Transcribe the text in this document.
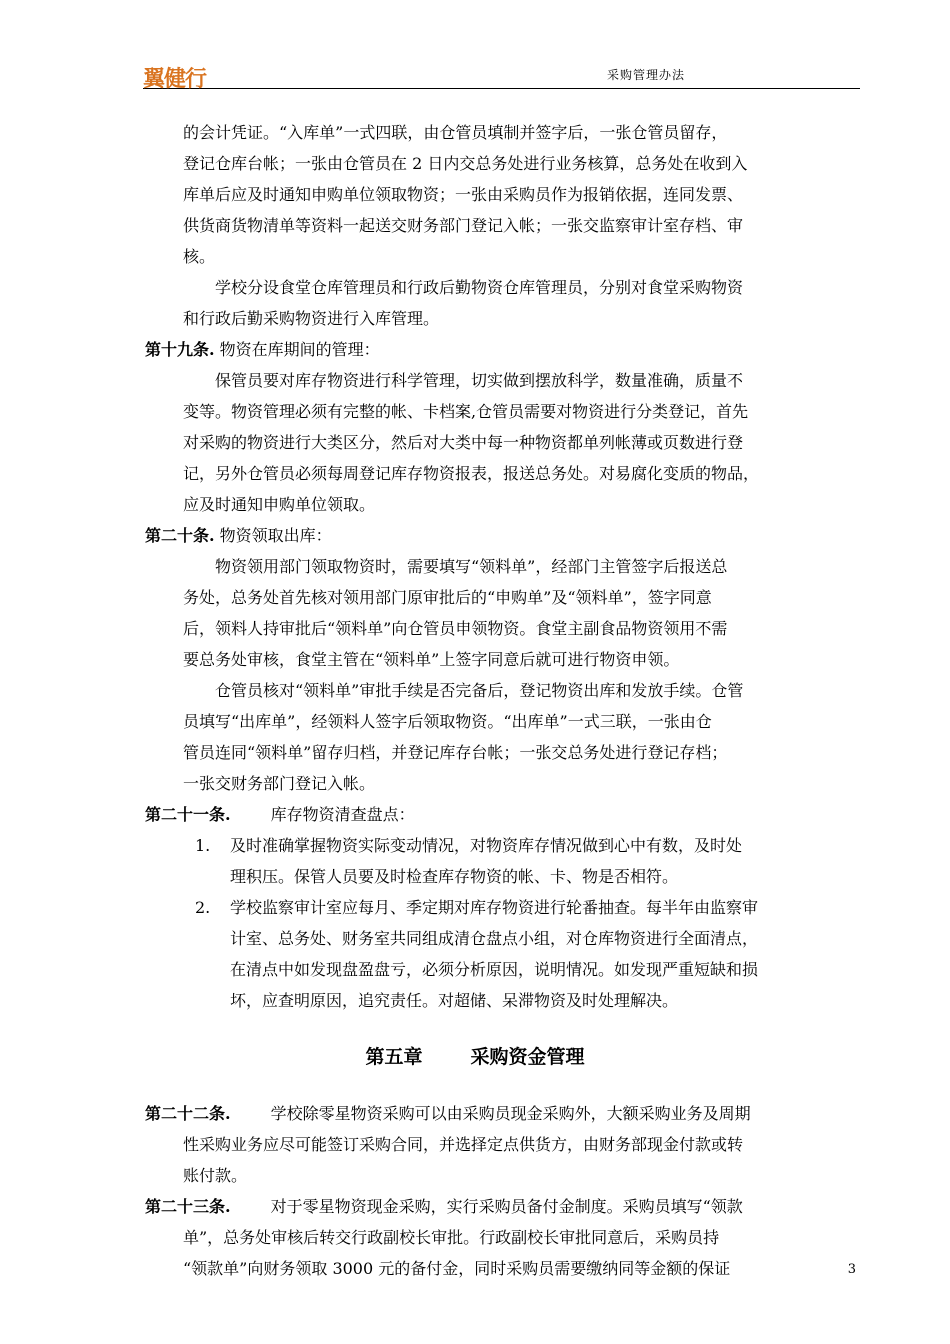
翼健行	采购管理办法
的会计凭证。“入库单”一式四联，由仓管员填制并签字后，一张仓管员留存，
登记仓库台帐；一张由仓管员在 2 日内交总务处进行业务核算，总务处在收到入
库单后应及时通知申购单位领取物资；一张由采购员作为报销依据，连同发票、
供货商货物清单等资料一起送交财务部门登记入帐；一张交监察审计室存档、审
核。
学校分设食堂仓库管理员和行政后勤物资仓库管理员，分别对食堂采购物资
和行政后勤采购物资进行入库管理。
第十九条. 物资在库期间的管理：
保管员要对库存物资进行科学管理，切实做到摆放科学，数量准确，质量不
变等。物资管理必须有完整的帐、卡档案,仓管员需要对物资进行分类登记，首先
对采购的物资进行大类区分，然后对大类中每一种物资都单列帐薄或页数进行登
记，另外仓管员必须每周登记库存物资报表，报送总务处。对易腐化变质的物品，
应及时通知申购单位领取。
第二十条. 物资领取出库：
物资领用部门领取物资时，需要填写“领料单”，经部门主管签字后报送总
务处，总务处首先核对领用部门原审批后的“申购单”及“领料单”，签字同意
后，领料人持审批后“领料单”向仓管员申领物资。食堂主副食品物资领用不需
要总务处审核，食堂主管在“领料单”上签字同意后就可进行物资申领。
仓管员核对“领料单”审批手续是否完备后，登记物资出库和发放手续。仓管
员填写“出库单”，经领料人签字后领取物资。“出库单”一式三联，一张由仓
管员连同“领料单”留存归档，并登记库存台帐；一张交总务处进行登记存档；
一张交财务部门登记入帐。
第二十一条.	库存物资清查盘点：
1. 及时准确掌握物资实际变动情况，对物资库存情况做到心中有数，及时处
理积压。保管人员要及时检查库存物资的帐、卡、物是否相符。
2. 学校监察审计室应每月、季定期对库存物资进行轮番抽查。每半年由监察审
计室、总务处、财务室共同组成清仓盘点小组，对仓库物资进行全面清点，
在清点中如发现盘盈盘亏，必须分析原因，说明情况。如发现严重短缺和损
坏，应查明原因，追究责任。对超储、呆滞物资及时处理解决。
第五章	采购资金管理
第二十二条.	学校除零星物资采购可以由采购员现金采购外，大额采购业务及周期
性采购业务应尽可能签订采购合同，并选择定点供货方，由财务部现金付款或转
账付款。
第二十三条.	对于零星物资现金采购，实行采购员备付金制度。采购员填写“领款
单”，总务处审核后转交行政副校长审批。行政副校长审批同意后，采购员持
“领款单”向财务领取 3000 元的备付金，同时采购员需要缴纳同等金额的保证	3
